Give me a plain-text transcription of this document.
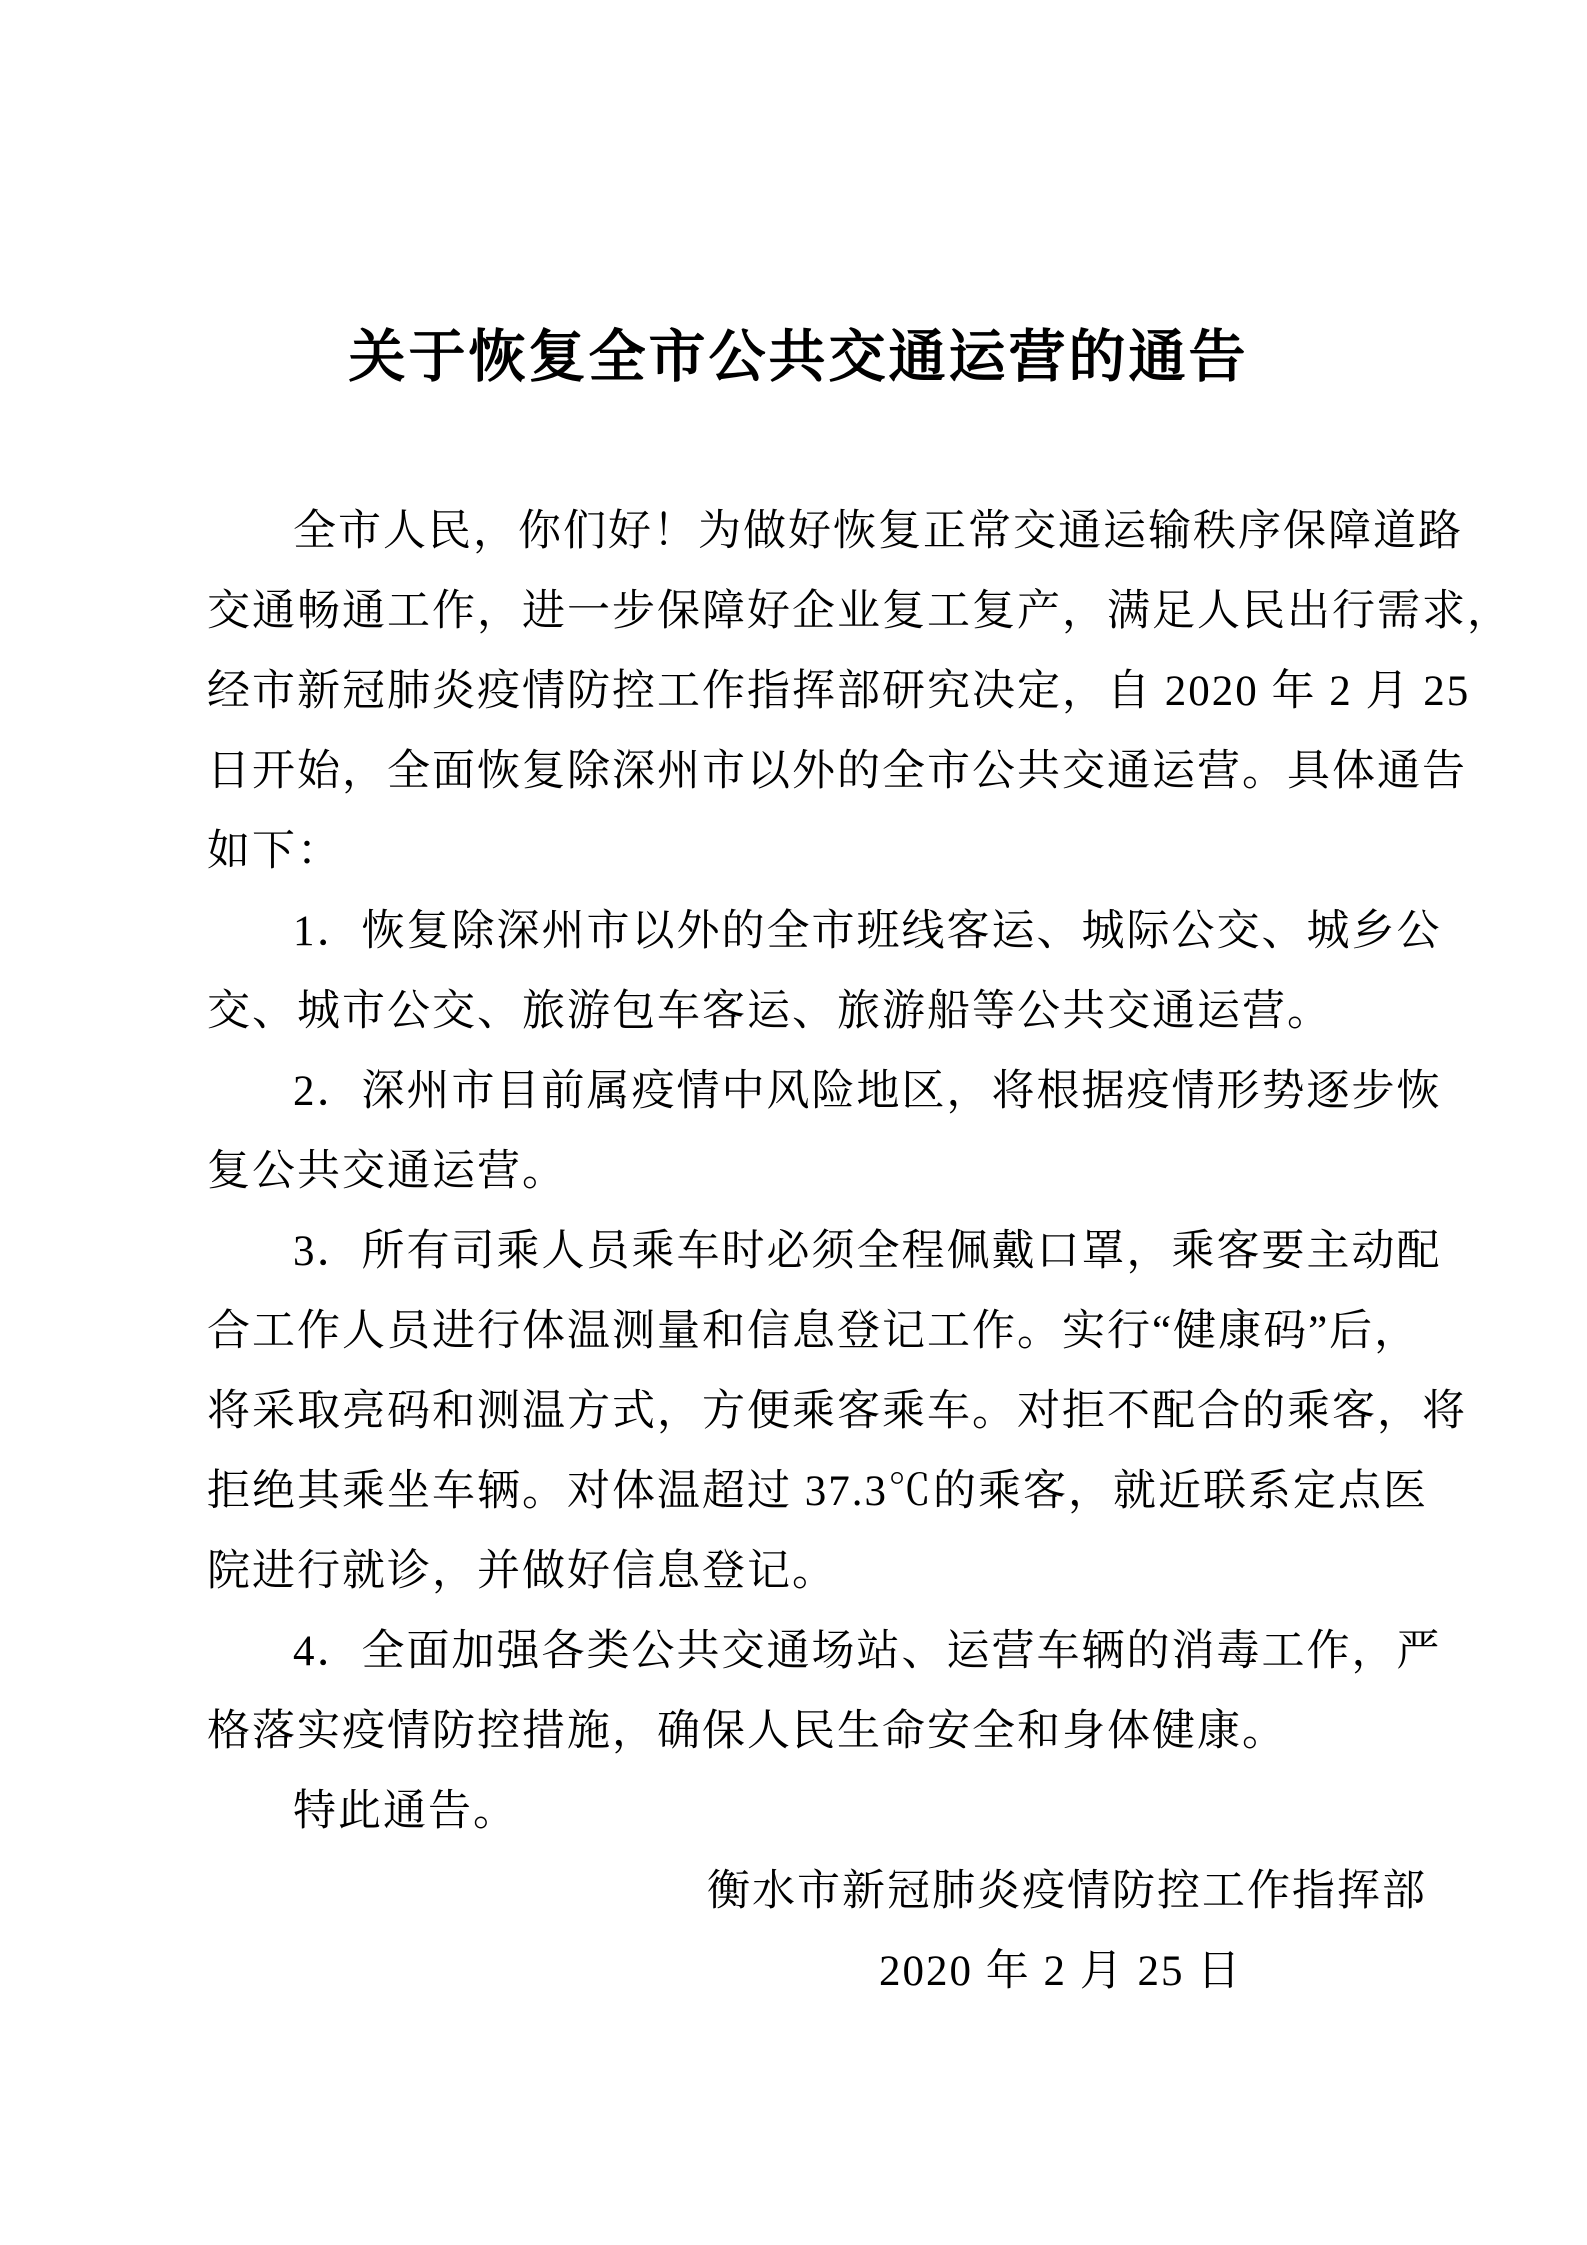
关于恢复全市公共交通运营的通告
全市人民，你们好！为做好恢复正常交通运输秩序保障道路
交通畅通工作，进一步保障好企业复工复产，满足人民出行需求，
经市新冠肺炎疫情防控工作指挥部研究决定，自 2020 年 2 月 25
日开始，全面恢复除深州市以外的全市公共交通运营。具体通告
如下：
1．恢复除深州市以外的全市班线客运、城际公交、城乡公
交、城市公交、旅游包车客运、旅游船等公共交通运营。
2．深州市目前属疫情中风险地区，将根据疫情形势逐步恢
复公共交通运营。
3．所有司乘人员乘车时必须全程佩戴口罩，乘客要主动配
合工作人员进行体温测量和信息登记工作。实行“健康码”后，
将采取亮码和测温方式，方便乘客乘车。对拒不配合的乘客，将
拒绝其乘坐车辆。对体温超过 37.3℃的乘客，就近联系定点医
院进行就诊，并做好信息登记。
4．全面加强各类公共交通场站、运营车辆的消毒工作，严
格落实疫情防控措施，确保人民生命安全和身体健康。
特此通告。
衡水市新冠肺炎疫情防控工作指挥部
2020 年 2 月 25 日
